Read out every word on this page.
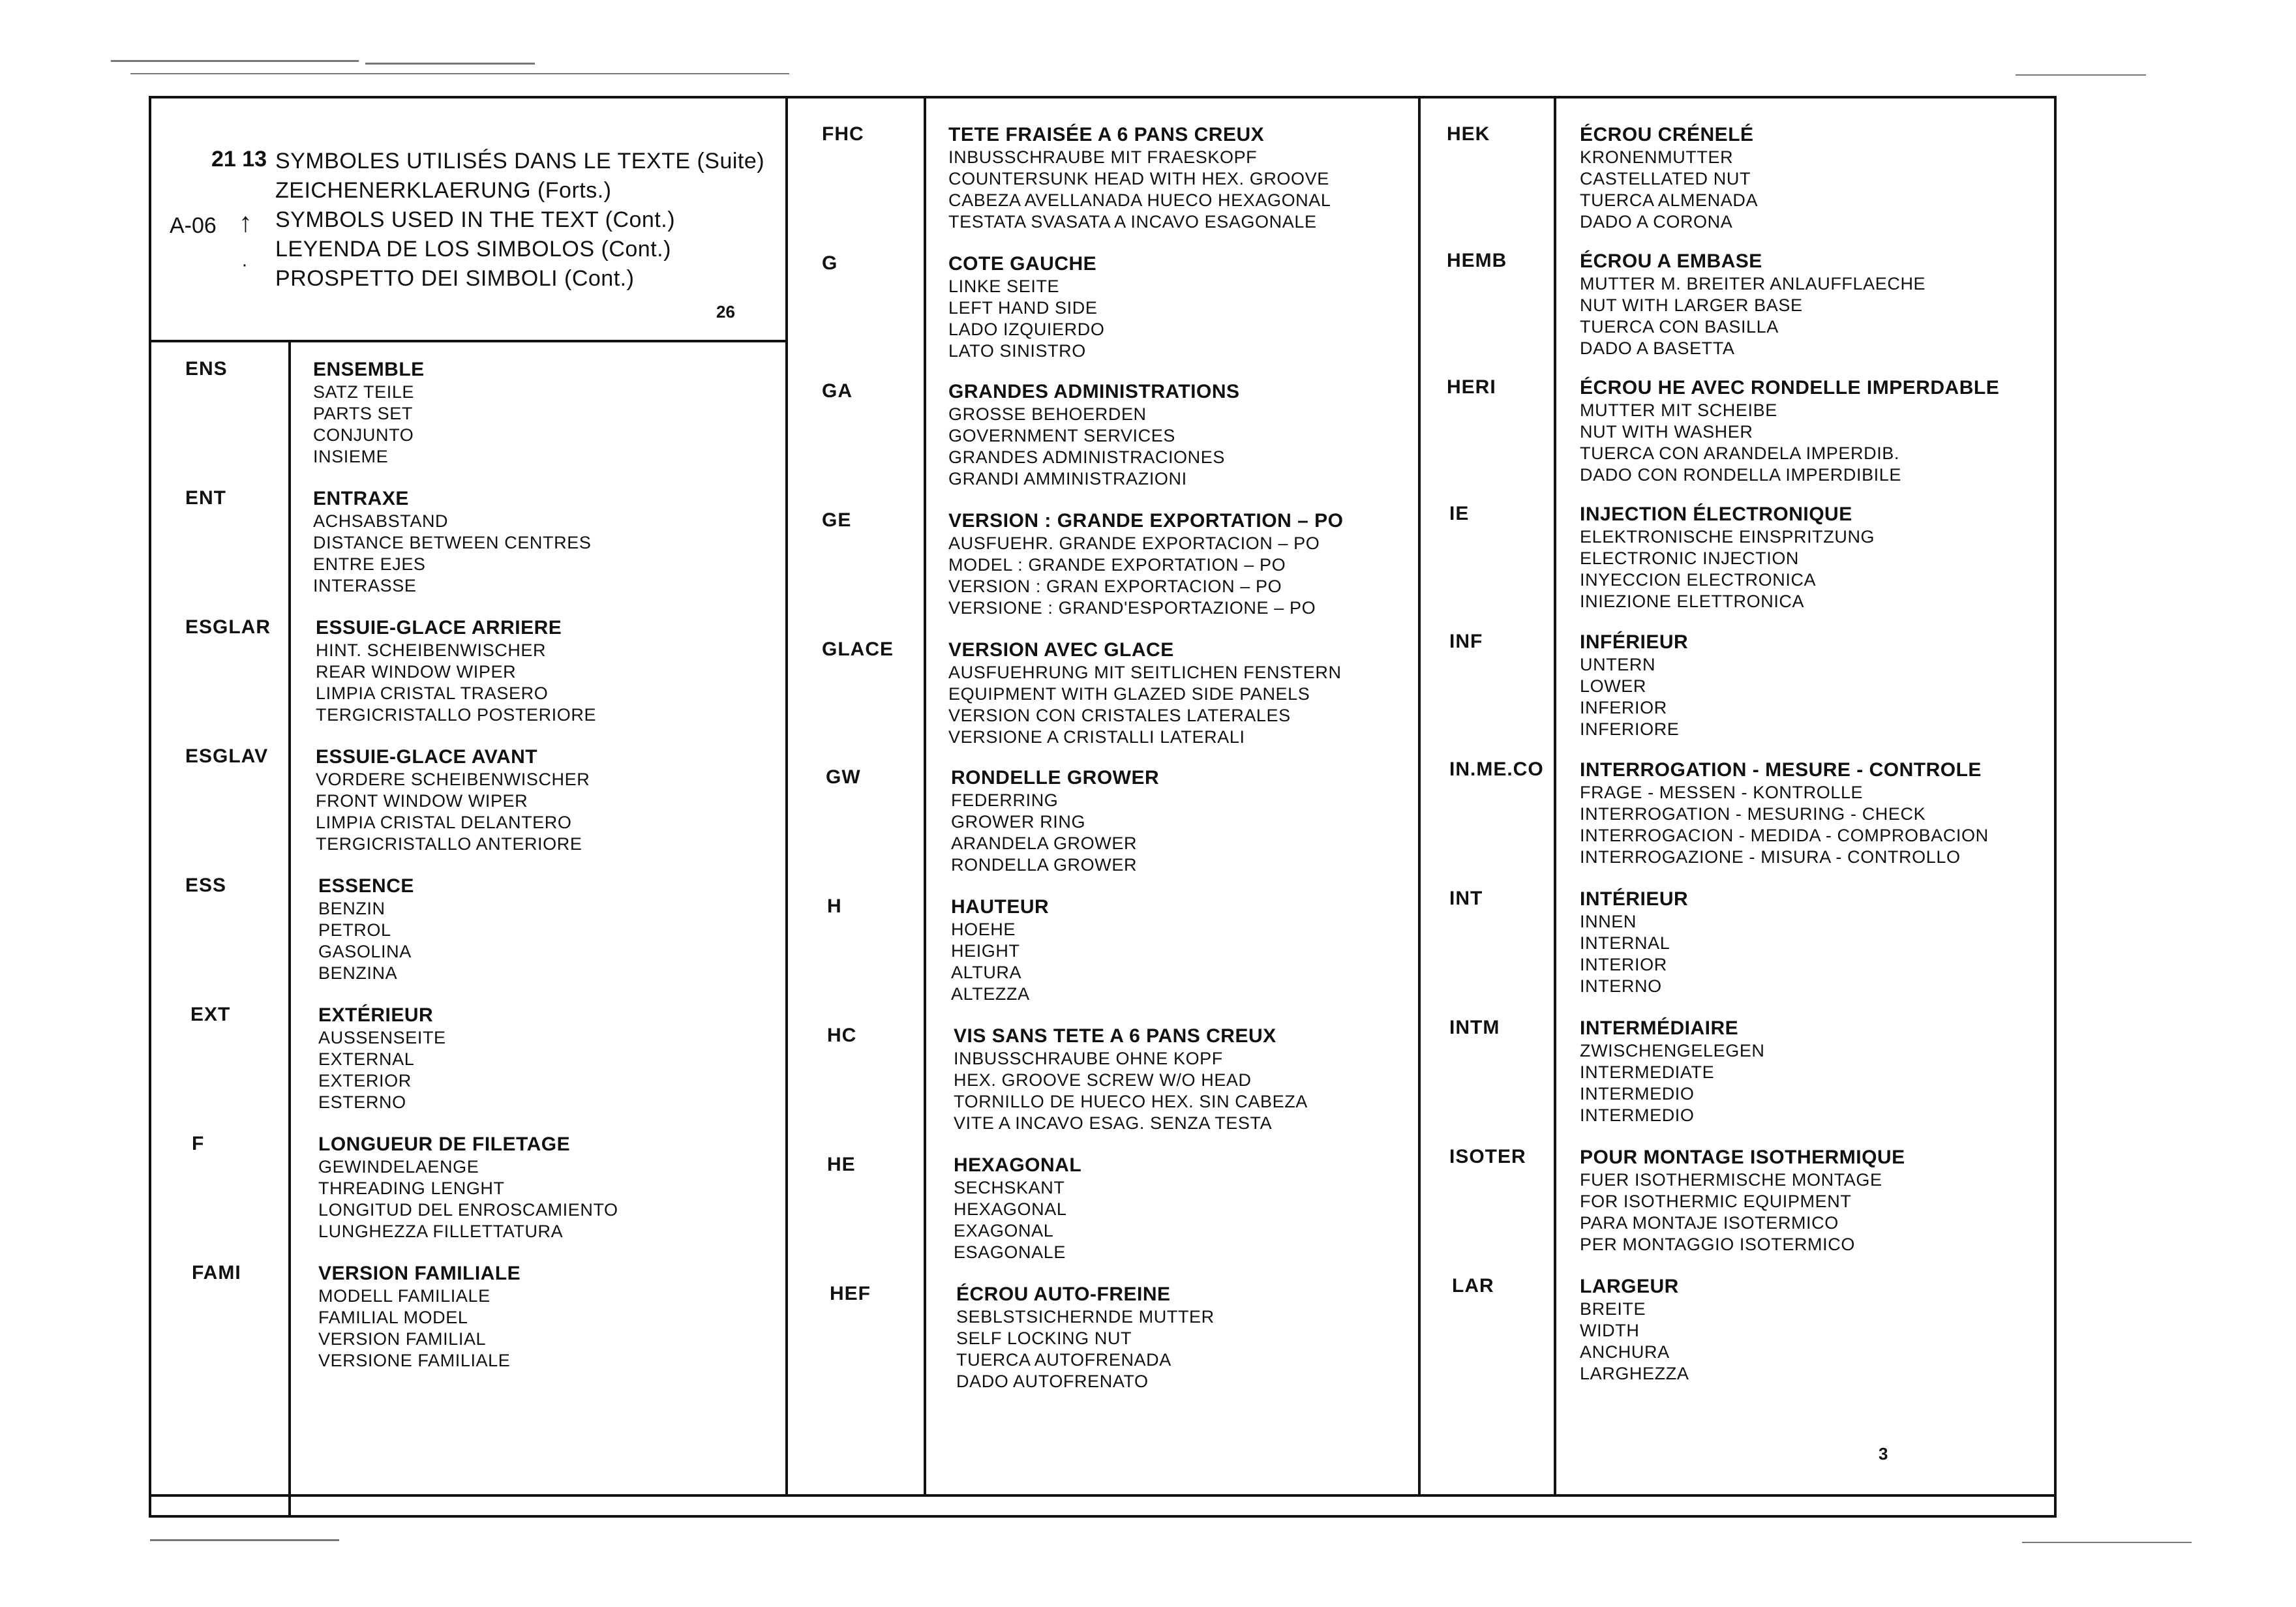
21 13
A-06 ↑
·
SYMBOLES UTILISÉS DANS LE TEXTE (Suite)
ZEICHENERKLAERUNG (Forts.)
SYMBOLS USED IN THE TEXT (Cont.)
LEYENDA DE LOS SIMBOLOS (Cont.)
PROSPETTO DEI SIMBOLI (Cont.)
26
ENS	ENSEMBLE
SATZ TEILE
PARTS SET
CONJUNTO
INSIEME
ENT	ENTRAXE
ACHSABSTAND
DISTANCE BETWEEN CENTRES
ENTRE EJES
INTERASSE
ESGLAR ESSUIE-GLACE ARRIERE
HINT. SCHEIBENWISCHER
REAR WINDOW WIPER
LIMPIA CRISTAL TRASERO
TERGICRISTALLO POSTERIORE
ESGLAV ESSUIE-GLACE AVANT
VORDERE SCHEIBENWISCHER
FRONT WINDOW WIPER
LIMPIA CRISTAL DELANTERO
TERGICRISTALLO ANTERIORE
ESS	ESSENCE
BENZIN
PETROL
GASOLINA
BENZINA
EXT	EXTÉRIEUR
AUSSENSEITE
EXTERNAL
EXTERIOR
ESTERNO
F	LONGUEUR DE FILETAGE
GEWINDELAENGE
THREADING LENGHT
LONGITUD DEL ENROSCAMIENTO
LUNGHEZZA FILLETTATURA
FAMI	VERSION FAMILIALE
MODELL FAMILIALE
FAMILIAL MODEL
VERSION FAMILIAL
VERSIONE FAMILIALE
FHC	TETE FRAISÉE A 6 PANS CREUX
INBUSSCHRAUBE MIT FRAESKOPF
COUNTERSUNK HEAD WITH HEX. GROOVE
CABEZA AVELLANADA HUECO HEXAGONAL
TESTATA SVASATA A INCAVO ESAGONALE
G	COTE GAUCHE
LINKE SEITE
LEFT HAND SIDE
LADO IZQUIERDO
LATO SINISTRO
GA	GRANDES ADMINISTRATIONS
GROSSE BEHOERDEN
GOVERNMENT SERVICES
GRANDES ADMINISTRACIONES
GRANDI AMMINISTRAZIONI
GE	VERSION : GRANDE EXPORTATION – PO
AUSFUEHR. GRANDE EXPORTACION – PO
MODEL : GRANDE EXPORTATION – PO
VERSION : GRAN EXPORTACION – PO
VERSIONE : GRAND'ESPORTAZIONE – PO
GLACE	VERSION AVEC GLACE
AUSFUEHRUNG MIT SEITLICHEN FENSTERN
EQUIPMENT WITH GLAZED SIDE PANELS
VERSION CON CRISTALES LATERALES
VERSIONE A CRISTALLI LATERALI
GW	RONDELLE GROWER
FEDERRING
GROWER RING
ARANDELA GROWER
RONDELLA GROWER
H	HAUTEUR
HOEHE
HEIGHT
ALTURA
ALTEZZA
HC	VIS SANS TETE A 6 PANS CREUX
INBUSSCHRAUBE OHNE KOPF
HEX. GROOVE SCREW W/O HEAD
TORNILLO DE HUECO HEX. SIN CABEZA
VITE A INCAVO ESAG. SENZA TESTA
HE	HEXAGONAL
SECHSKANT
HEXAGONAL
EXAGONAL
ESAGONALE
HEF	ÉCROU AUTO-FREINE
SEBLSTSICHERNDE MUTTER
SELF LOCKING NUT
TUERCA AUTOFRENADA
DADO AUTOFRENATO
HEK	ÉCROU CRÉNELÉ
KRONENMUTTER
CASTELLATED NUT
TUERCA ALMENADA
DADO A CORONA
HEMB	ÉCROU A EMBASE
MUTTER M. BREITER ANLAUFFLAECHE
NUT WITH LARGER BASE
TUERCA CON BASILLA
DADO A BASETTA
HERI	ÉCROU HE AVEC RONDELLE IMPERDABLE
MUTTER MIT SCHEIBE
NUT WITH WASHER
TUERCA CON ARANDELA IMPERDIB.
DADO CON RONDELLA IMPERDIBILE
IE	INJECTION ÉLECTRONIQUE
ELEKTRONISCHE EINSPRITZUNG
ELECTRONIC INJECTION
INYECCION ELECTRONICA
INIEZIONE ELETTRONICA
INF	INFÉRIEUR
UNTERN
LOWER
INFERIOR
INFERIORE
IN.ME.CO INTERROGATION - MESURE - CONTROLE
FRAGE - MESSEN - KONTROLLE
INTERROGATION - MESURING - CHECK
INTERROGACION - MEDIDA - COMPROBACION
INTERROGAZIONE - MISURA - CONTROLLO
INT	INTÉRIEUR
INNEN
INTERNAL
INTERIOR
INTERNO
INTM	INTERMÉDIAIRE
ZWISCHENGELEGEN
INTERMEDIATE
INTERMEDIO
INTERMEDIO
ISOTER	POUR MONTAGE ISOTHERMIQUE
FUER ISOTHERMISCHE MONTAGE
FOR ISOTHERMIC EQUIPMENT
PARA MONTAJE ISOTERMICO
PER MONTAGGIO ISOTERMICO
LAR	LARGEUR
BREITE
WIDTH
ANCHURA
LARGHEZZA
3
